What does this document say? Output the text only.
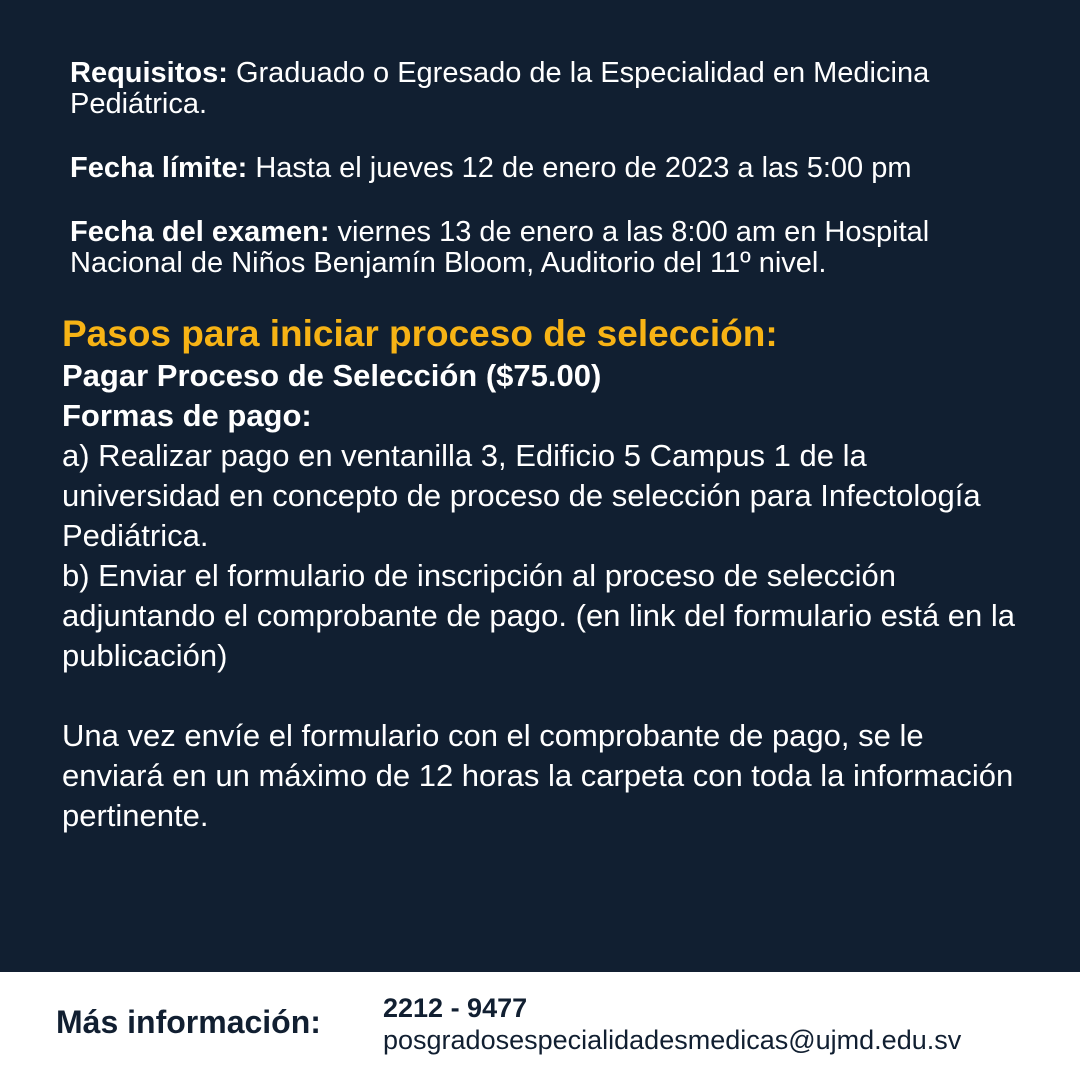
Requisitos: Graduado o Egresado de la Especialidad en Medicina Pediátrica.

Fecha límite: Hasta el jueves 12 de enero de 2023 a las 5:00 pm

Fecha del examen: viernes 13 de enero a las 8:00 am en Hospital Nacional de Niños Benjamín Bloom, Auditorio del 11º nivel.

Pasos para iniciar proceso de selección:
Pagar Proceso de Selección ($75.00)
Formas de pago:
a) Realizar pago en ventanilla 3, Edificio 5 Campus 1 de la universidad en concepto de proceso de selección para Infectología Pediátrica.
b) Enviar el formulario de inscripción al proceso de selección adjuntando el comprobante de pago. (en link del formulario está en la publicación)

Una vez envíe el formulario con el comprobante de pago, se le enviará en un máximo de 12 horas la carpeta con toda la información pertinente.

Más información: 2212 - 9477
posgradosespecialidadesmedicas@ujmd.edu.sv
